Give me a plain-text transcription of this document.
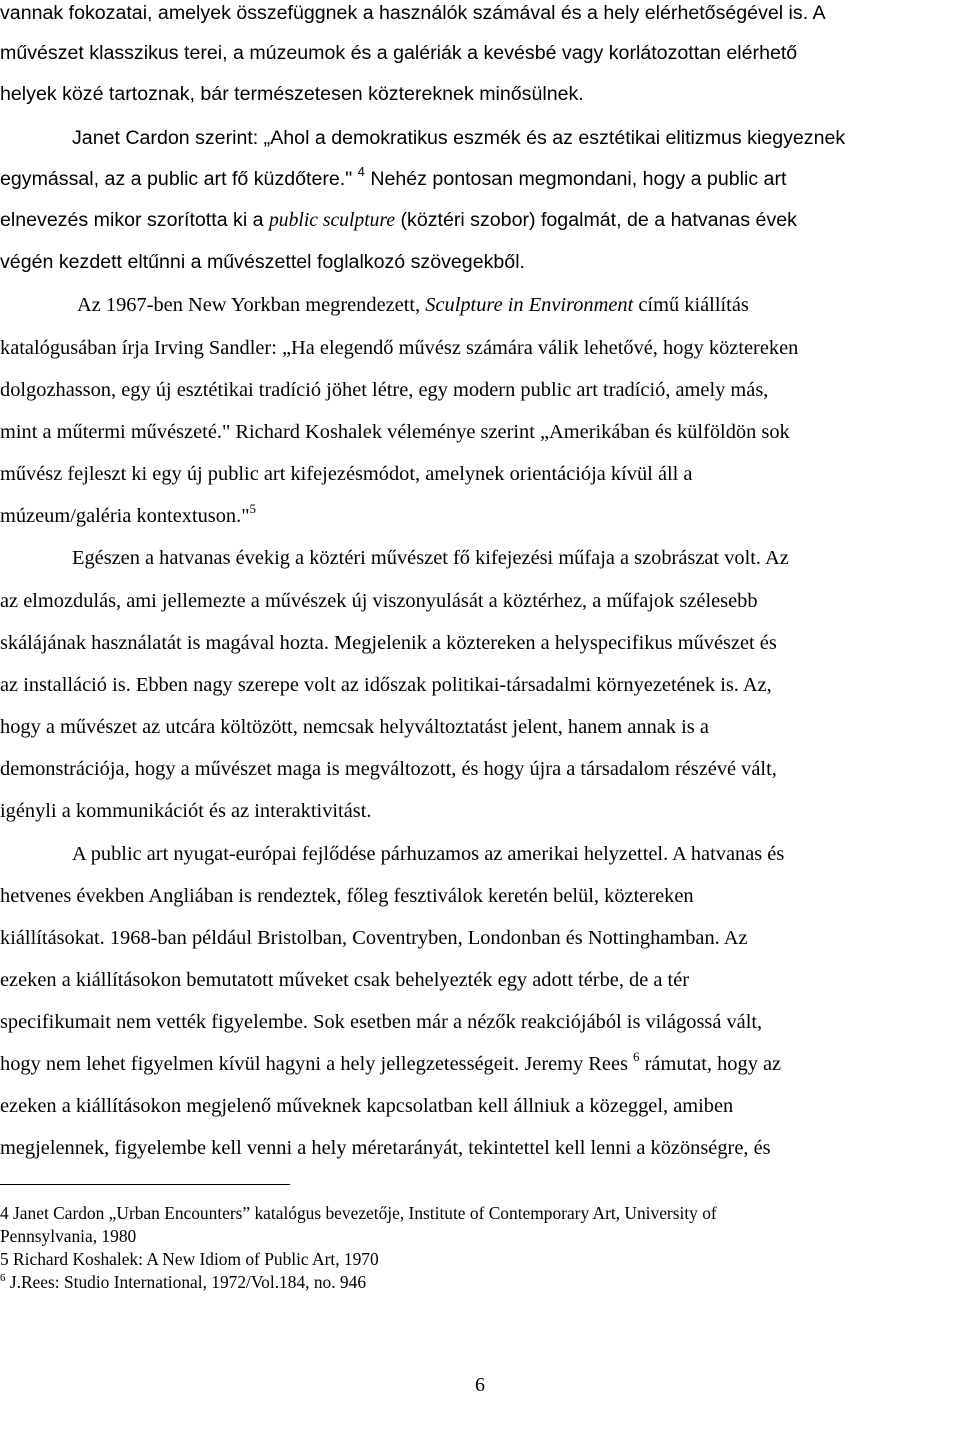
vannak fokozatai, amelyek összefüggnek a használók számával és a hely elérhetőségével is. A
művészet klasszikus terei, a múzeumok és a galériák a kevésbé vagy korlátozottan elérhető
helyek közé tartoznak, bár természetesen köztereknek minősülnek.
Janet Cardon szerint: „Ahol a demokratikus eszmék és az esztétikai elitizmus kiegyeznek
egymással, az a public art fő küzdőtere." $^4$ Nehéz pontosan megmondani, hogy a public art
elnevezés mikor szorította ki a public sculpture (köztéri szobor) fogalmát, de a hatvanas évek
végén kezdett eltűnni a művészettel foglalkozó szövegekből.
Az 1967-ben New Yorkban megrendezett, Sculpture in Environment című kiállítás
katalógusában írja Irving Sandler: „Ha elegendő művész számára válik lehetővé, hogy köztereken
dolgozhasson, egy új esztétikai tradíció jöhet létre, egy modern public art tradíció, amely más,
mint a műtermi művészeté." Richard Koshalek véleménye szerint „Amerikában és külföldön sok
művész fejleszt ki egy új public art kifejezésmódot, amelynek orientációja kívül áll a
múzeum/galéria kontextuson."$^5$
Egészen a hatvanas évekig a köztéri művészet fő kifejezési műfaja a szobrászat volt. Az
az elmozdulás, ami jellemezte a művészek új viszonyulását a köztérhez, a műfajok szélesebb
skálájának használatát is magával hozta. Megjelenik a köztereken a helyspecifikus művészet és
az installáció is. Ebben nagy szerepe volt az időszak politikai-társadalmi környezetének is. Az,
hogy a művészet az utcára költözött, nemcsak helyváltoztatást jelent, hanem annak is a
demonstrációja, hogy a művészet maga is megváltozott, és hogy újra a társadalom részévé vált,
igényli a kommunikációt és az interaktivitást.
A public art nyugat-európai fejlődése párhuzamos az amerikai helyzettel. A hatvanas és
hetvenes években Angliában is rendeztek, főleg fesztiválok keretén belül, köztereken
kiállításokat. 1968-ban például Bristolban, Coventryben, Londonban és Nottinghamban. Az
ezeken a kiállításokon bemutatott műveket csak behelyezték egy adott térbe, de a tér
specifikumait nem vették figyelembe. Sok esetben már a nézők reakciójából is világossá vált,
hogy nem lehet figyelmen kívül hagyni a hely jellegzetességeit. Jeremy Rees $^6$ rámutat, hogy az
ezeken a kiállításokon megjelenő műveknek kapcsolatban kell állniuk a közeggel, amiben
megjelennek, figyelembe kell venni a hely méretarányát, tekintettel kell lenni a közönségre, és
4 Janet Cardon „Urban Encounters” katalógus bevezetője, Institute of Contemporary Art, University of
Pennsylvania, 1980
5 Richard Koshalek: A New Idiom of Public Art, 1970
$^6$ J.Rees: Studio International, 1972/Vol.184, no. 946
6
